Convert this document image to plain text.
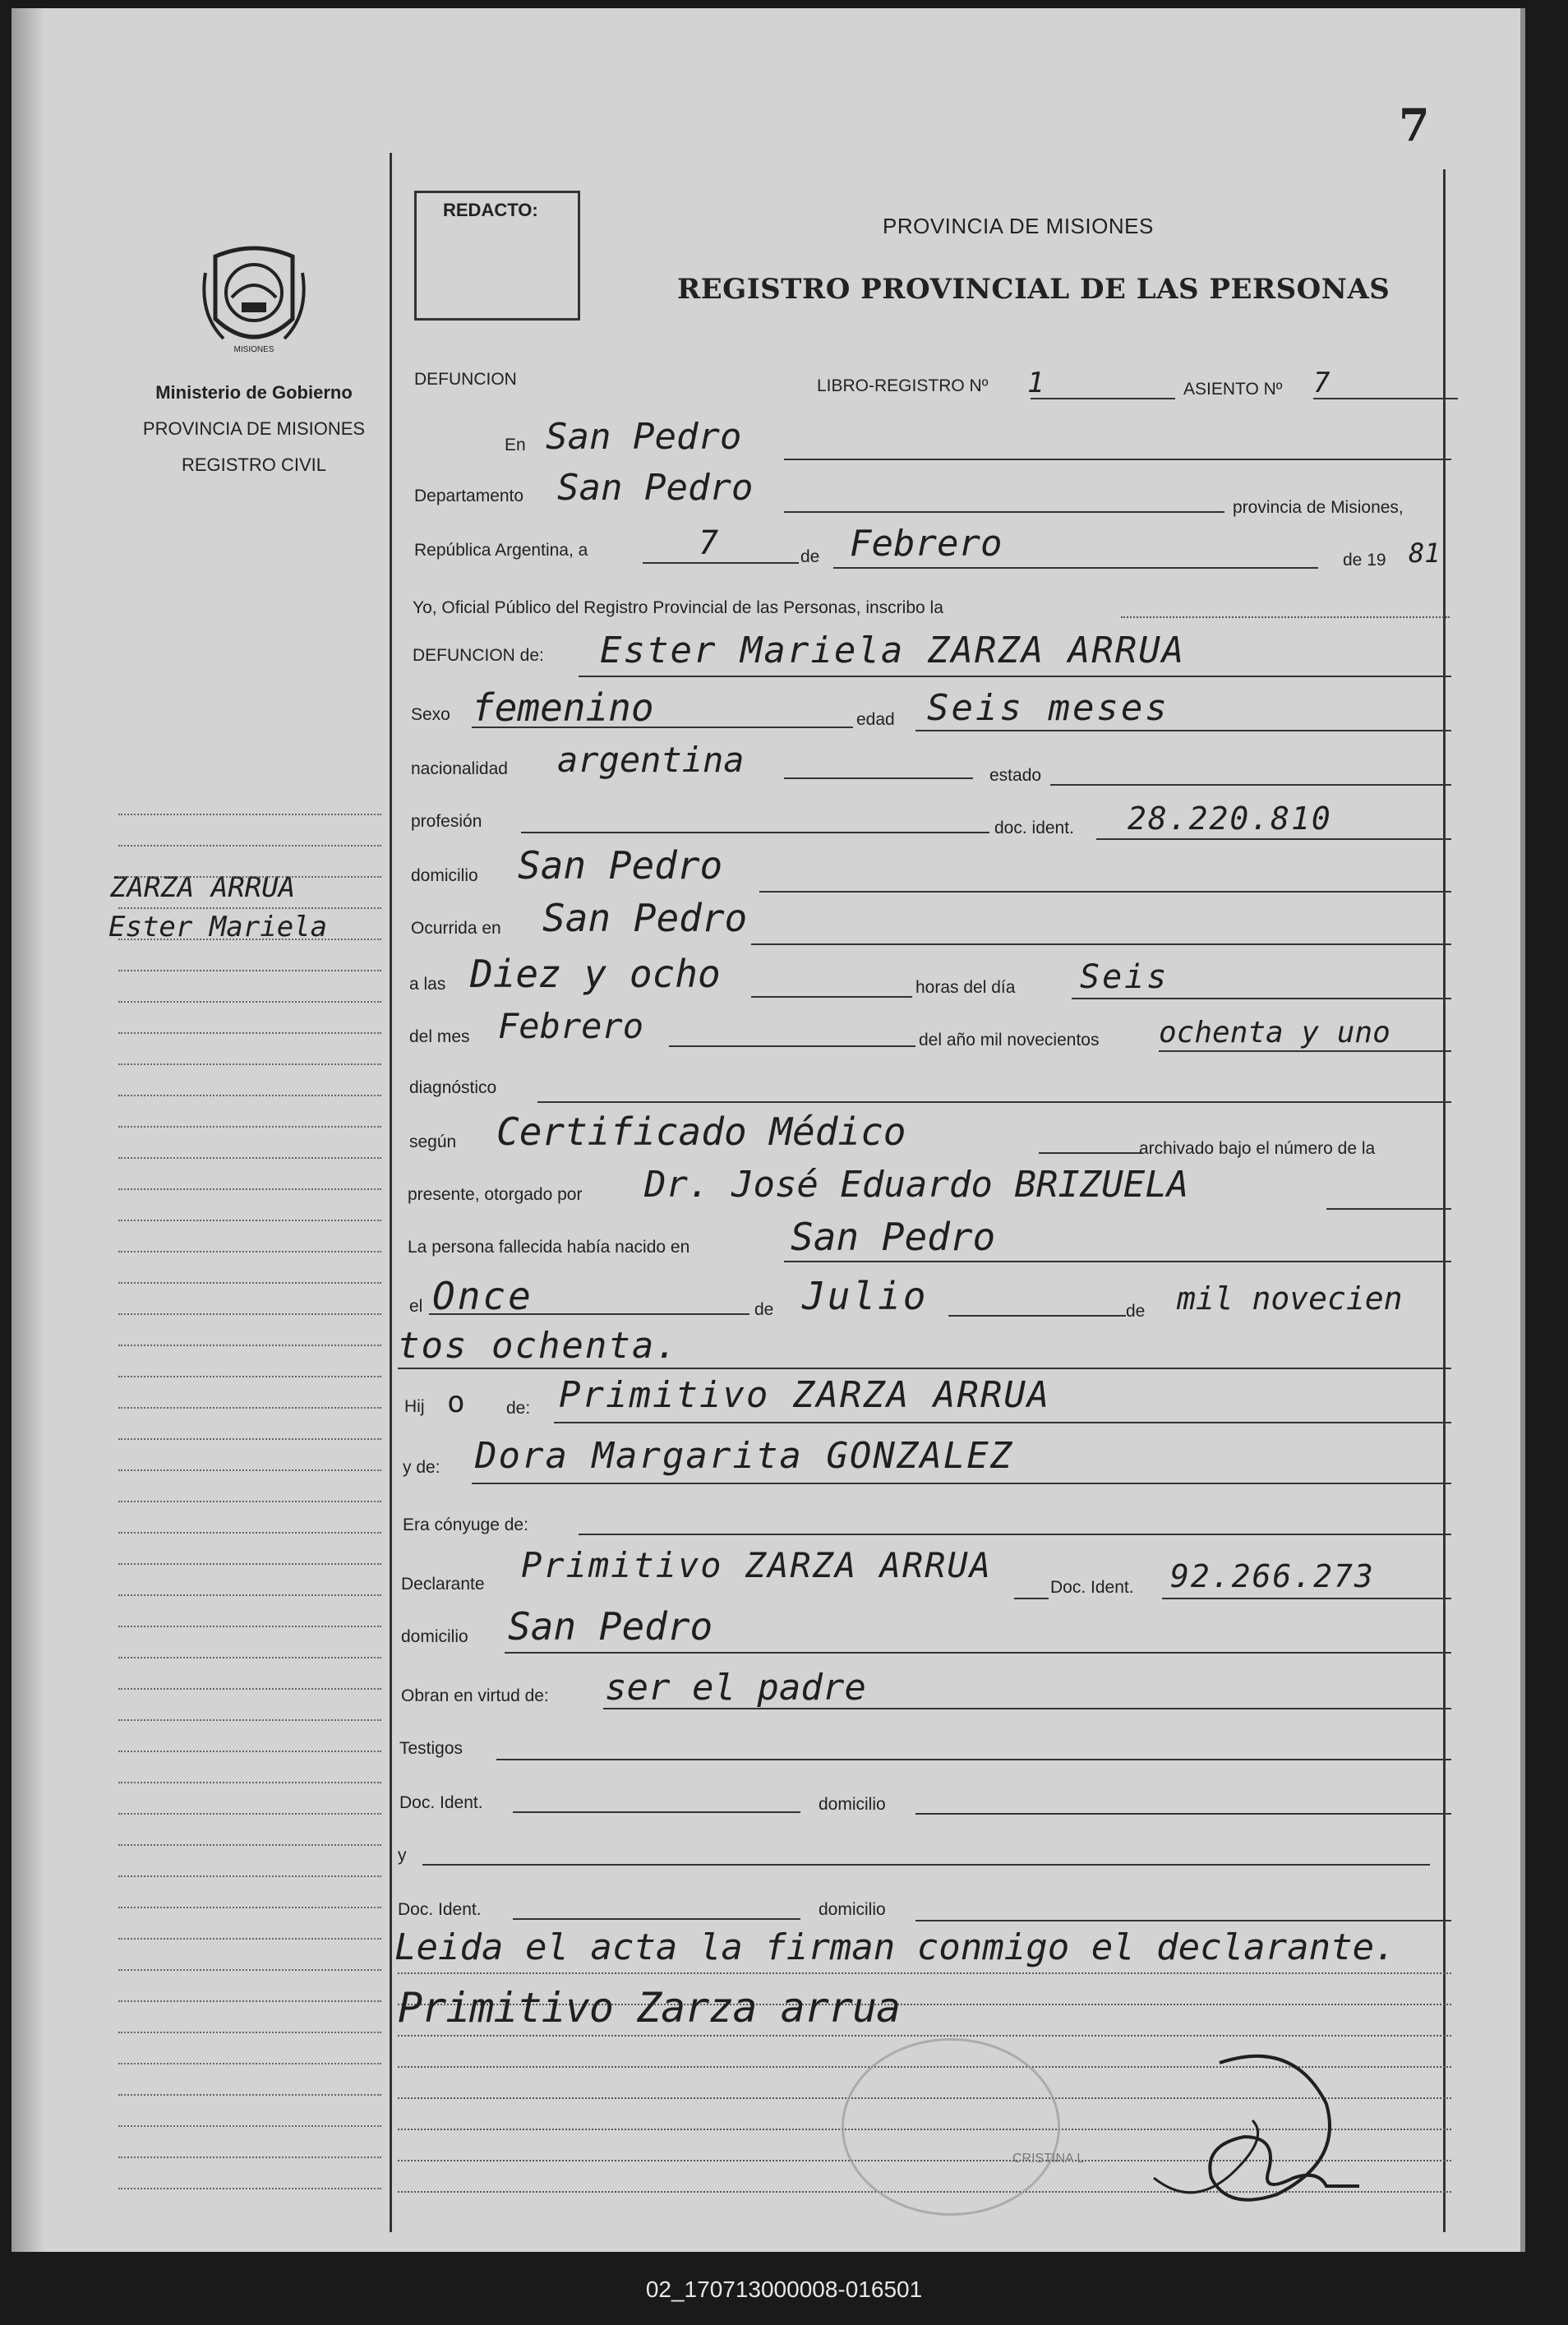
7
REDACTO:
PROVINCIA DE MISIONES
REGISTRO PROVINCIAL DE LAS PERSONAS
MISIONES
Ministerio de Gobierno
PROVINCIA DE MISIONES
REGISTRO CIVIL
ZARZA ARRUA
Ester Mariela
DEFUNCION	LIBRO-REGISTRO Nº 1	ASIENTO Nº 7
En San Pedro
Departamento San Pedro	provincia de Misiones,
República Argentina, a	7	de Febrero	de 19 81
Yo, Oficial Público del Registro Provincial de las Personas, inscribo la
DEFUNCION de: Ester Mariela ZARZA ARRUA
Sexo femenino	edad Seis meses
nacionalidad argentina	estado
profesión	doc. ident. 28.220.810
domicilio San Pedro
Ocurrida en San Pedro
a las Diez y ocho	horas del día Seis
del mes Febrero	del año mil novecientos ochenta y uno
diagnóstico
según Certificado Médico	archivado bajo el número de la
presente, otorgado por Dr. José Eduardo BRIZUELA
La persona fallecida había nacido en	San Pedro
el Once	de Julio	de mil novecien
tos ochenta.
Hij o de: Primitivo ZARZA ARRUA
y de: Dora Margarita GONZALEZ
Era cónyuge de:
Declarante Primitivo ZARZA ARRUA
Doc. Ident. 92.266.273
domicilio San Pedro
Obran en virtud de: ser el padre
Testigos
Doc. Ident.	domicilio
y
Doc. Ident.	domicilio
Leida el acta la firman conmigo el declarante.
Primitivo Zarza arrua
CRISTINA L
02_170713000008-016501
